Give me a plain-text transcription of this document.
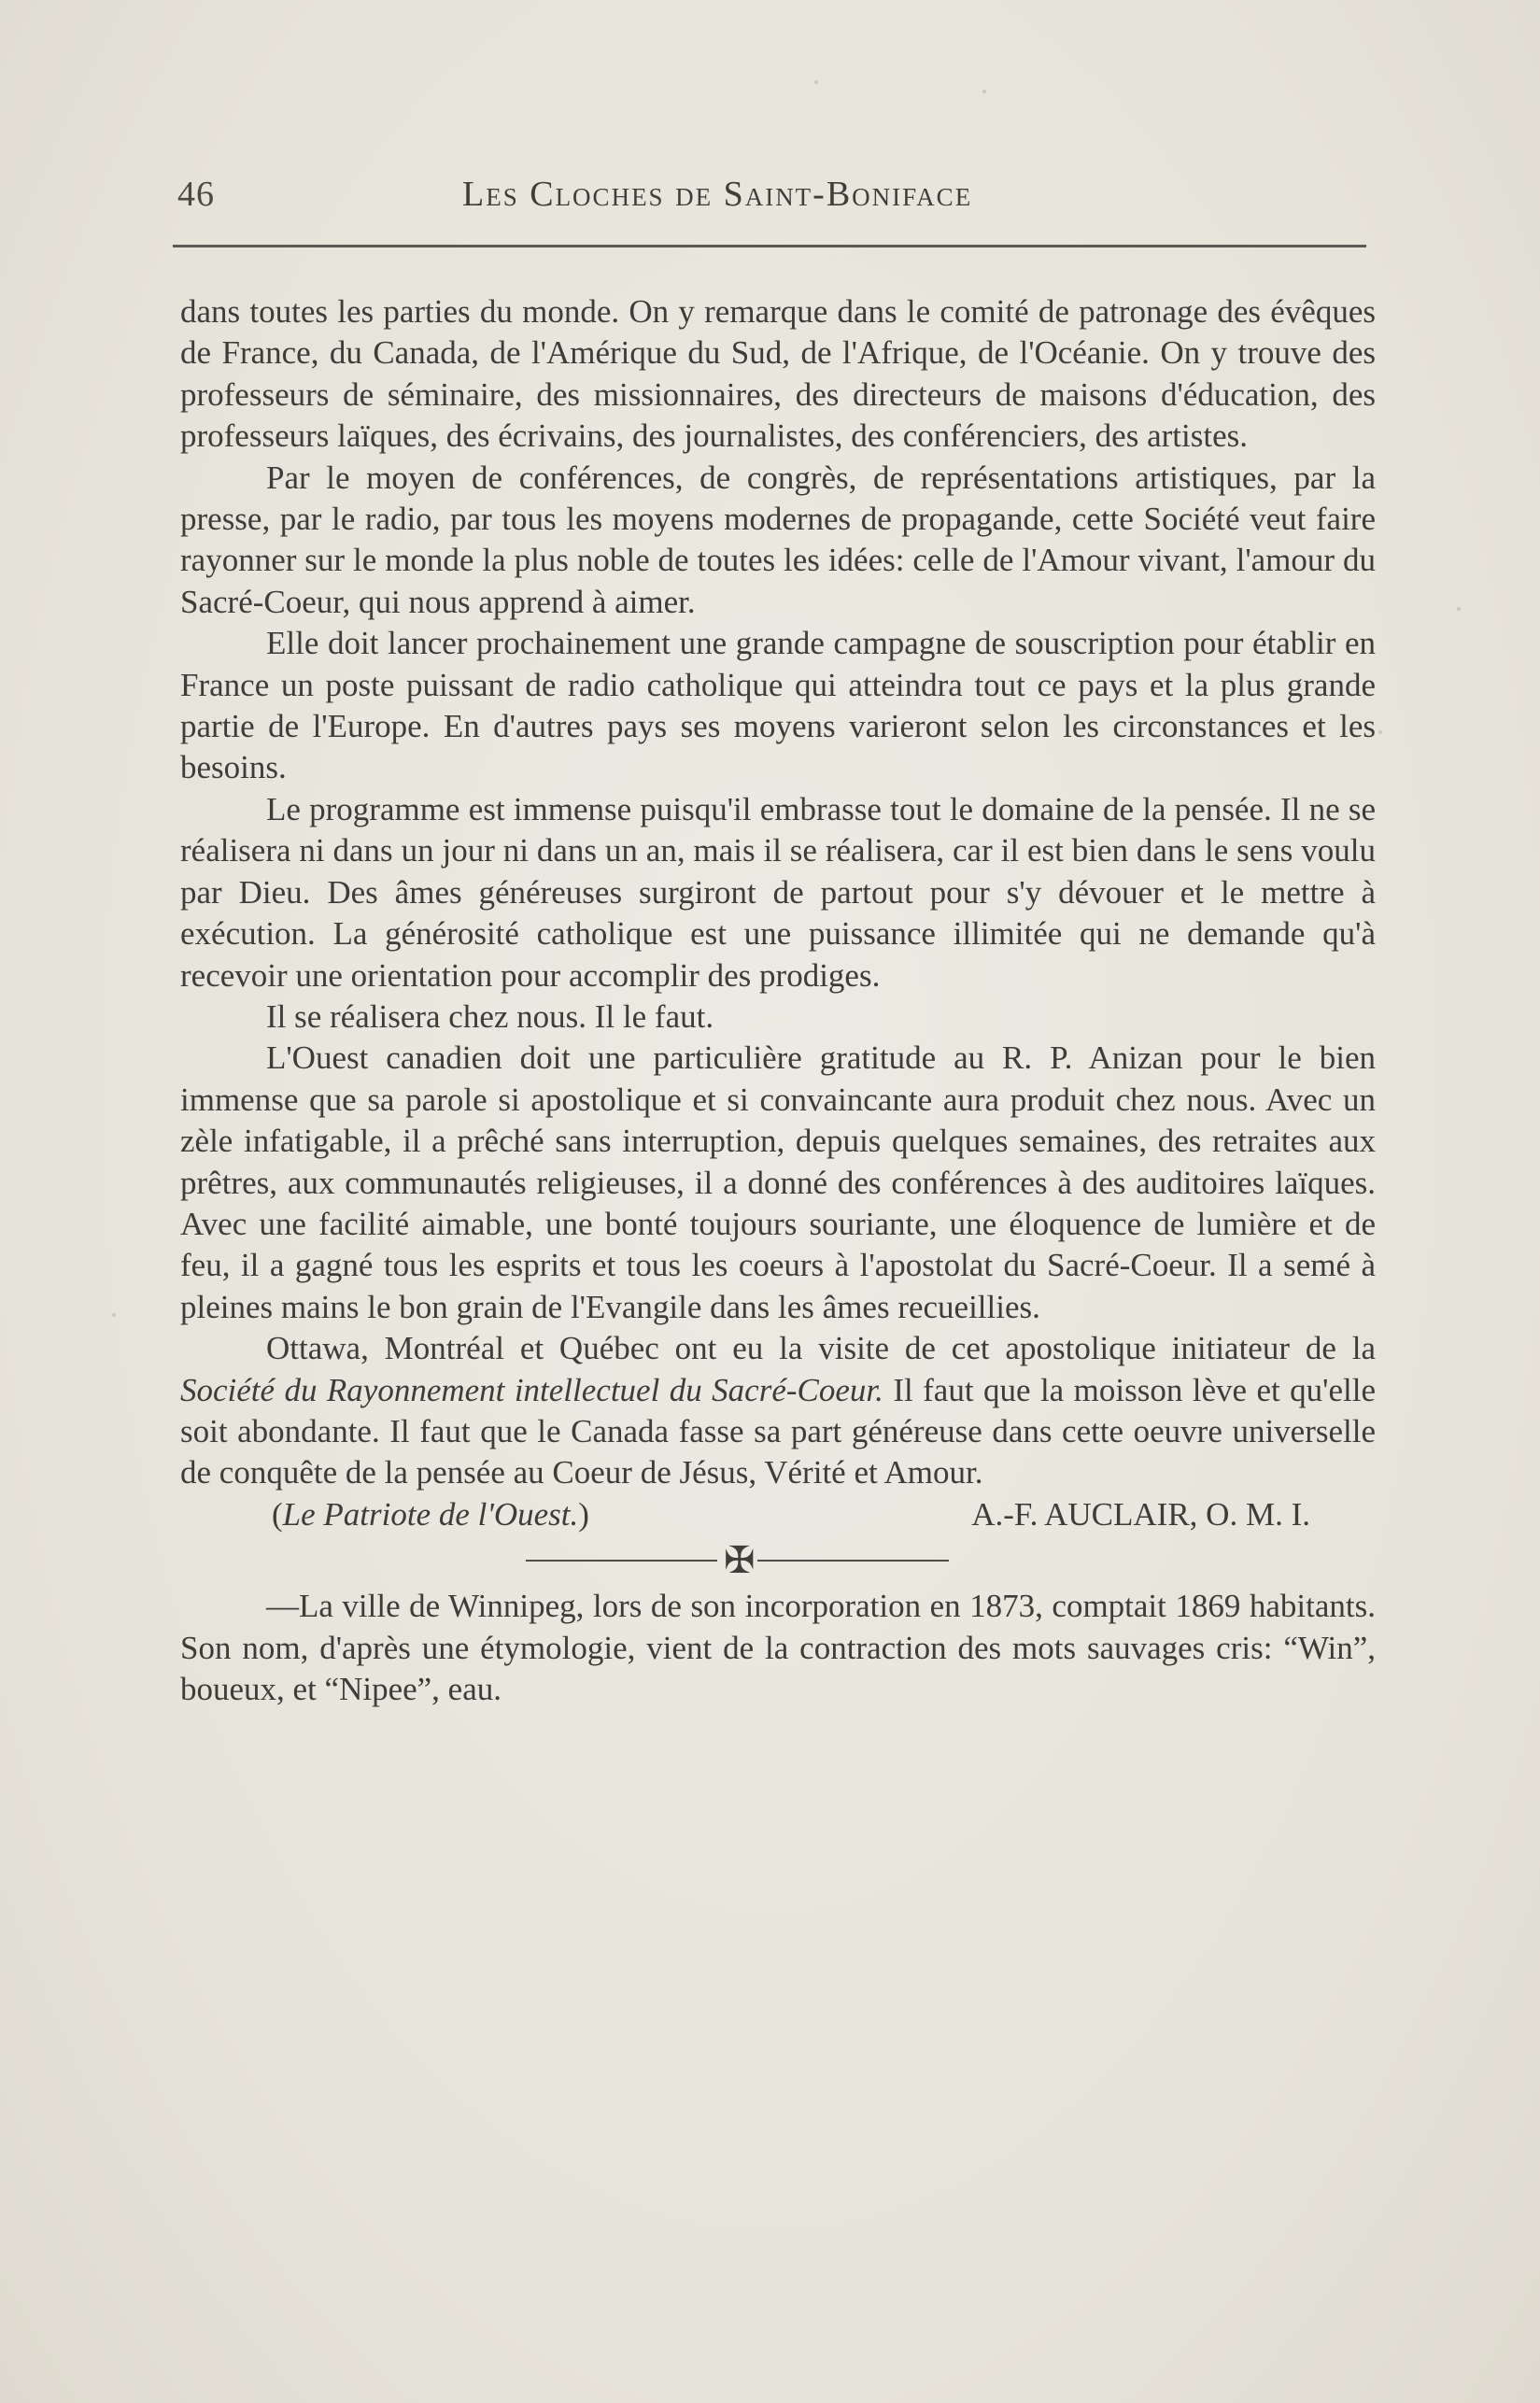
46	Les Cloches de Saint-Boniface

dans toutes les parties du monde. On y remarque dans le comité de patronage des évêques de France, du Canada, de l'Amérique du Sud, de l'Afrique, de l'Océanie. On y trouve des professeurs de séminaire, des missionnaires, des directeurs de maisons d'éducation, des professeurs laïques, des écrivains, des journalistes, des conférenciers, des artistes.

Par le moyen de conférences, de congrès, de représentations artistiques, par la presse, par le radio, par tous les moyens modernes de propagande, cette Société veut faire rayonner sur le monde la plus noble de toutes les idées: celle de l'Amour vivant, l'amour du Sacré-Coeur, qui nous apprend à aimer.

Elle doit lancer prochainement une grande campagne de souscription pour établir en France un poste puissant de radio catholique qui atteindra tout ce pays et la plus grande partie de l'Europe. En d'autres pays ses moyens varieront selon les circonstances et les besoins.

Le programme est immense puisqu'il embrasse tout le domaine de la pensée. Il ne se réalisera ni dans un jour ni dans un an, mais il se réalisera, car il est bien dans le sens voulu par Dieu. Des âmes généreuses surgiront de partout pour s'y dévouer et le mettre à exécution. La générosité catholique est une puissance illimitée qui ne demande qu'à recevoir une orientation pour accomplir des prodiges.

Il se réalisera chez nous. Il le faut.

L'Ouest canadien doit une particulière gratitude au R. P. Anizan pour le bien immense que sa parole si apostolique et si convaincante aura produit chez nous. Avec un zèle infatigable, il a prêché sans interruption, depuis quelques semaines, des retraites aux prêtres, aux communautés religieuses, il a donné des conférences à des auditoires laïques. Avec une facilité aimable, une bonté toujours souriante, une éloquence de lumière et de feu, il a gagné tous les esprits et tous les coeurs à l'apostolat du Sacré-Coeur. Il a semé à pleines mains le bon grain de l'Evangile dans les âmes recueillies.

Ottawa, Montréal et Québec ont eu la visite de cet apostolique initiateur de la Société du Rayonnement intellectuel du Sacré-Coeur. Il faut que la moisson lève et qu'elle soit abondante. Il faut que le Canada fasse sa part généreuse dans cette oeuvre universelle de conquête de la pensée au Coeur de Jésus, Vérité et Amour.

(Le Patriote de l'Ouest.)	A.-F. AUCLAIR, O. M. I.
✠

—La ville de Winnipeg, lors de son incorporation en 1873, comptait 1869 habitants. Son nom, d'après une étymologie, vient de la contraction des mots sauvages cris: “Win”, boueux, et “Nipee”, eau.
